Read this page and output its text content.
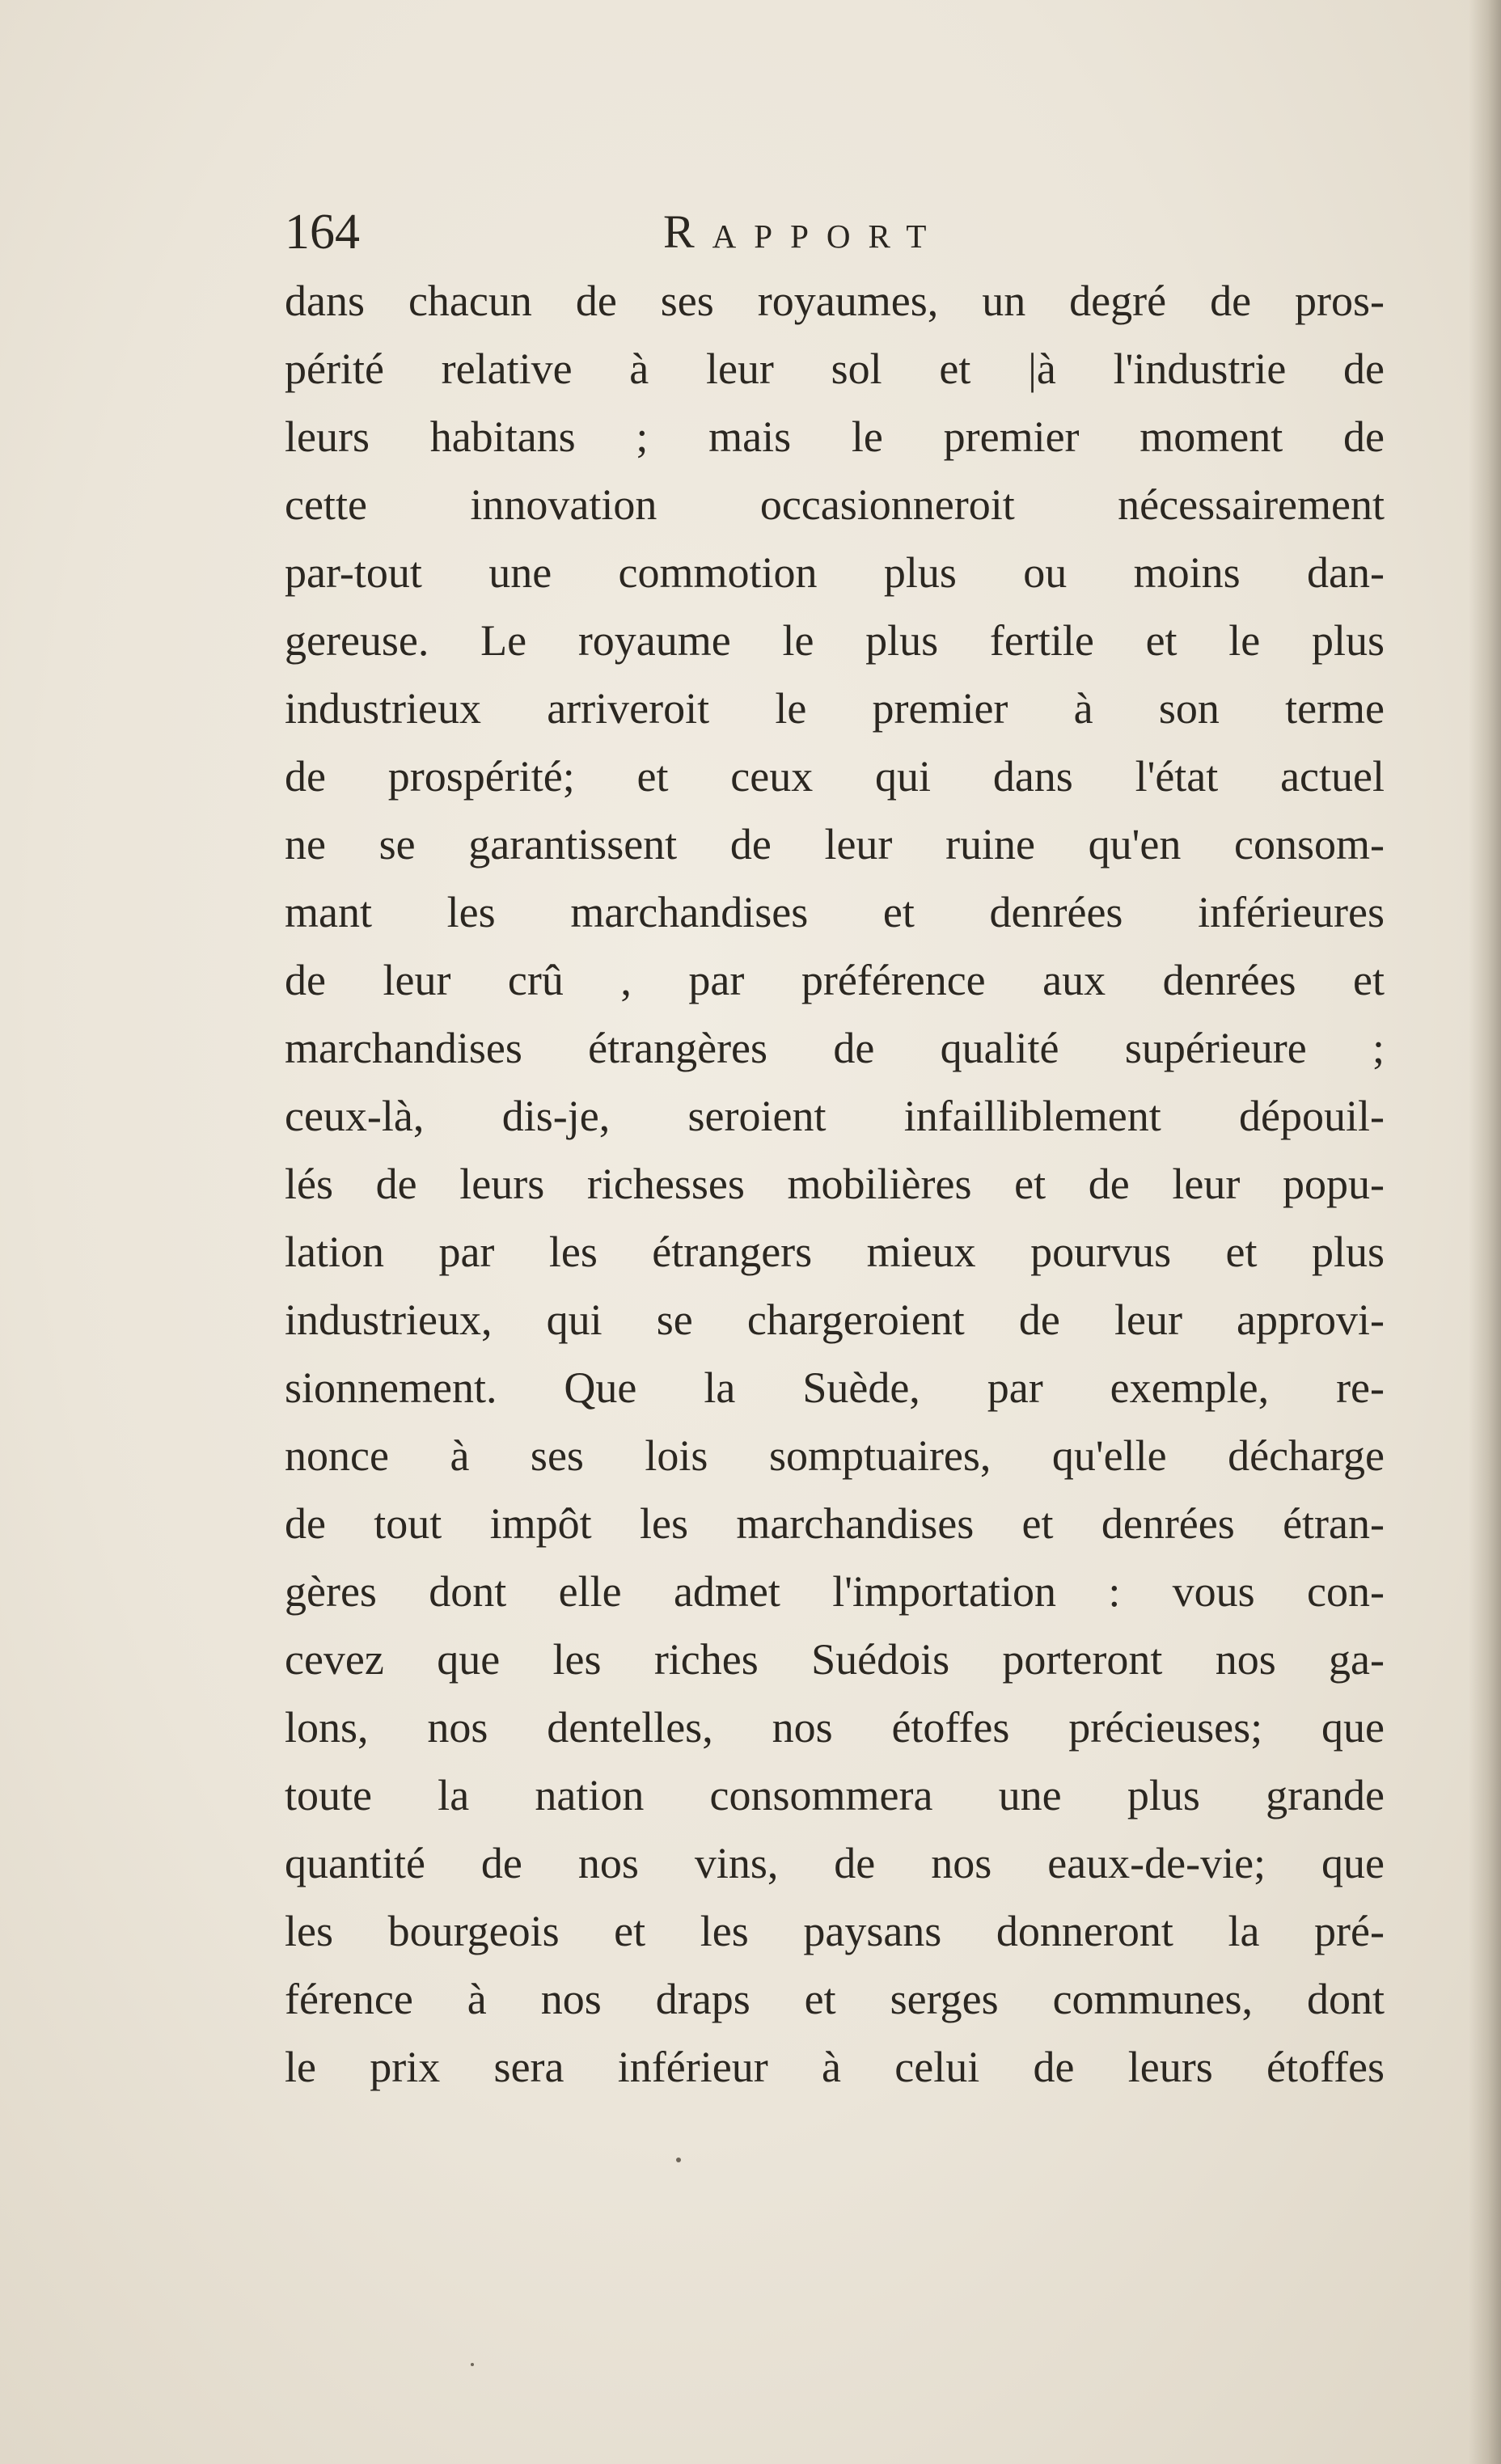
164	Rapport
dans chacun de ses royaumes, un degré de pros-
périté relative à leur sol et |à l'industrie de
leurs habitans ; mais le premier moment de
cette innovation occasionneroit nécessairement
par-tout une commotion plus ou moins dan-
gereuse. Le royaume le plus fertile et le plus
industrieux arriveroit le premier à son terme
de prospérité; et ceux qui dans l'état actuel
ne se garantissent de leur ruine qu'en consom-
mant les marchandises et denrées inférieures
de leur crû , par préférence aux denrées et
marchandises étrangères de qualité supérieure ;
ceux-là, dis-je, seroient infailliblement dépouil-
lés de leurs richesses mobilières et de leur popu-
lation par les étrangers mieux pourvus et plus
industrieux, qui se chargeroient de leur approvi-
sionnement. Que la Suède, par exemple, re-
nonce à ses lois somptuaires, qu'elle décharge
de tout impôt les marchandises et denrées étran-
gères dont elle admet l'importation : vous con-
cevez que les riches Suédois porteront nos ga-
lons, nos dentelles, nos étoffes précieuses; que
toute la nation consommera une plus grande
quantité de nos vins, de nos eaux-de-vie; que
les bourgeois et les paysans donneront la pré-
férence à nos draps et serges communes, dont
le prix sera inférieur à celui de leurs étoffes
